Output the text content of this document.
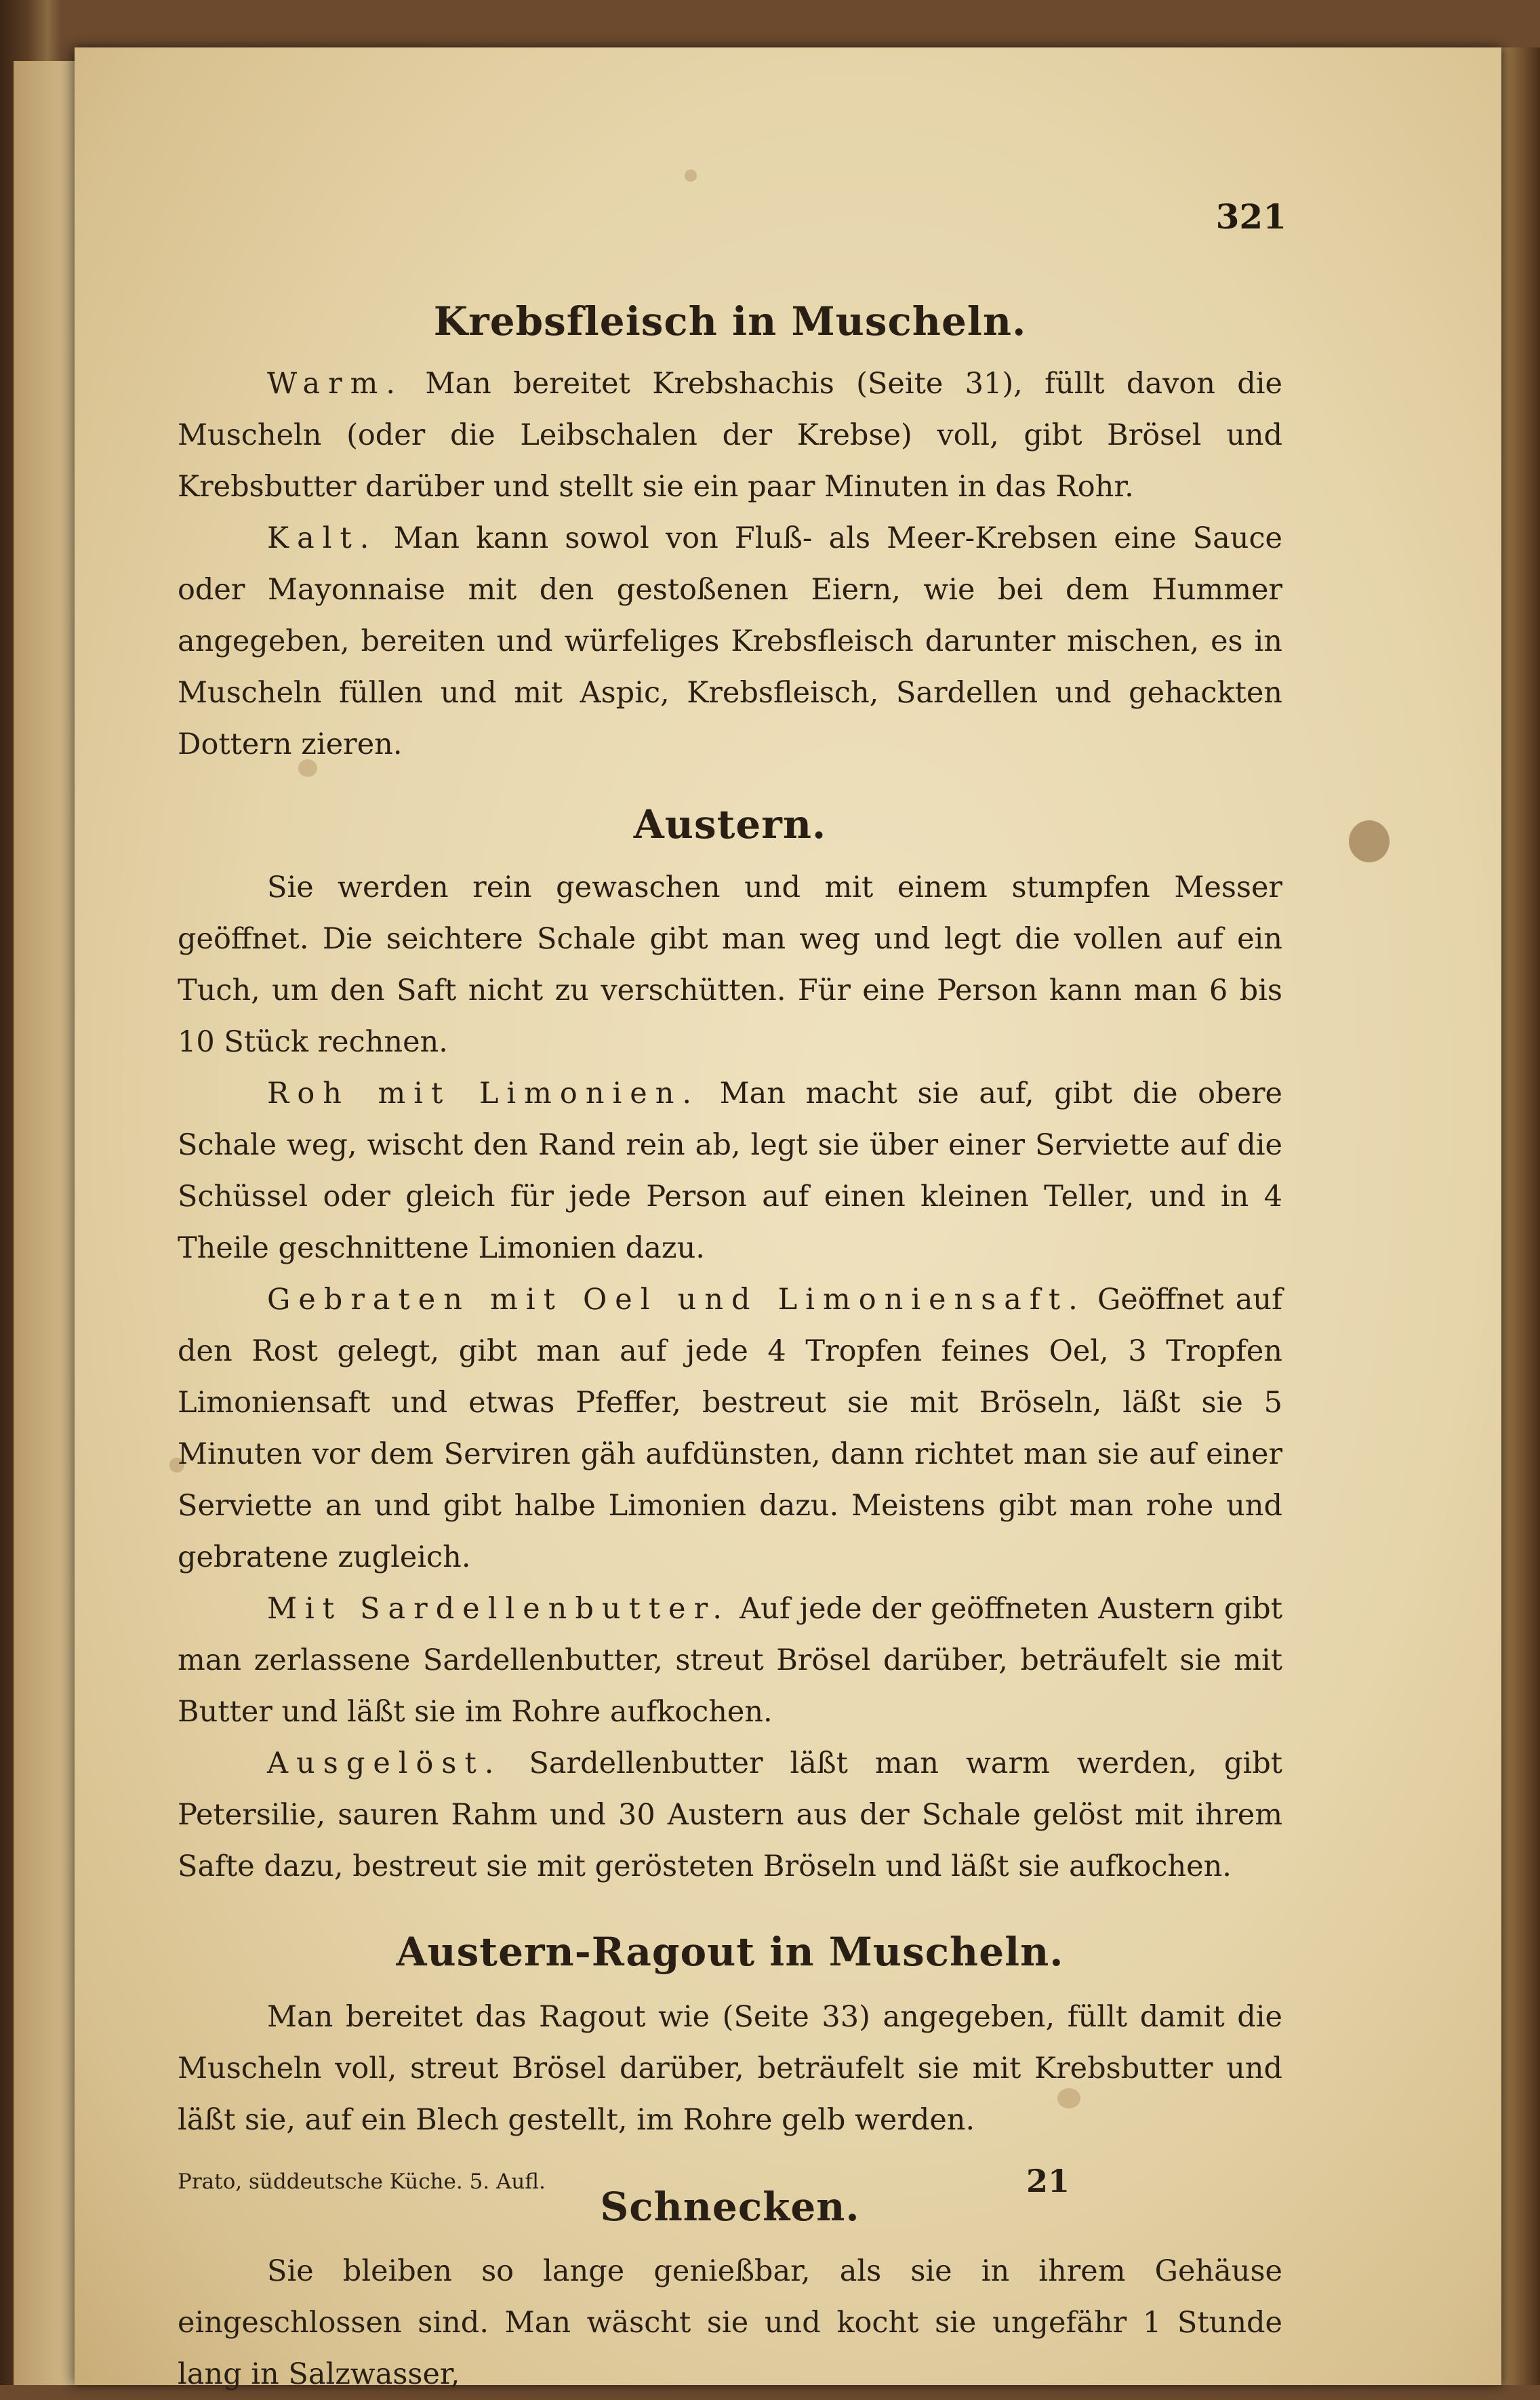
321
Krebsfleisch in Muscheln.

Warm. Man bereitet Krebshachis (Seite 31), füllt davon die Muscheln (oder die Leibschalen der Krebse) voll, gibt Brösel und Krebsbutter darüber und stellt sie ein paar Minuten in das Rohr.

Kalt. Man kann sowol von Fluß- als Meer-Krebsen eine Sauce oder Mayonnaise mit den gestoßenen Eiern, wie bei dem Hummer angegeben, bereiten und würfeliges Krebsfleisch darunter mischen, es in Muscheln füllen und mit Aspic, Krebsfleisch, Sardellen und gehackten Dottern zieren.

Austern.

Sie werden rein gewaschen und mit einem stumpfen Messer geöffnet. Die seichtere Schale gibt man weg und legt die vollen auf ein Tuch, um den Saft nicht zu verschütten. Für eine Person kann man 6 bis 10 Stück rechnen.

Roh mit Limonien. Man macht sie auf, gibt die obere Schale weg, wischt den Rand rein ab, legt sie über einer Serviette auf die Schüssel oder gleich für jede Person auf einen kleinen Teller, und in 4 Theile geschnittene Limonien dazu.

Gebraten mit Oel und Limoniensaft. Geöffnet auf den Rost gelegt, gibt man auf jede 4 Tropfen feines Oel, 3 Tropfen Limoniensaft und etwas Pfeffer, bestreut sie mit Bröseln, läßt sie 5 Minuten vor dem Serviren gäh aufdünsten, dann richtet man sie auf einer Serviette an und gibt halbe Limonien dazu. Meistens gibt man rohe und gebratene zugleich.

Mit Sardellenbutter. Auf jede der geöffneten Austern gibt man zerlassene Sardellenbutter, streut Brösel darüber, beträufelt sie mit Butter und läßt sie im Rohre aufkochen.

Ausgelöst. Sardellenbutter läßt man warm werden, gibt Petersilie, sauren Rahm und 30 Austern aus der Schale gelöst mit ihrem Safte dazu, bestreut sie mit gerösteten Bröseln und läßt sie aufkochen.

Austern-Ragout in Muscheln.

Man bereitet das Ragout wie (Seite 33) angegeben, füllt damit die Muscheln voll, streut Brösel darüber, beträufelt sie mit Krebsbutter und läßt sie, auf ein Blech gestellt, im Rohre gelb werden.

Schnecken.

Sie bleiben so lange genießbar, als sie in ihrem Gehäuse eingeschlossen sind. Man wäscht sie und kocht sie ungefähr 1 Stunde lang in Salzwasser,

Prato, süddeutsche Küche. 5. Aufl.	21
